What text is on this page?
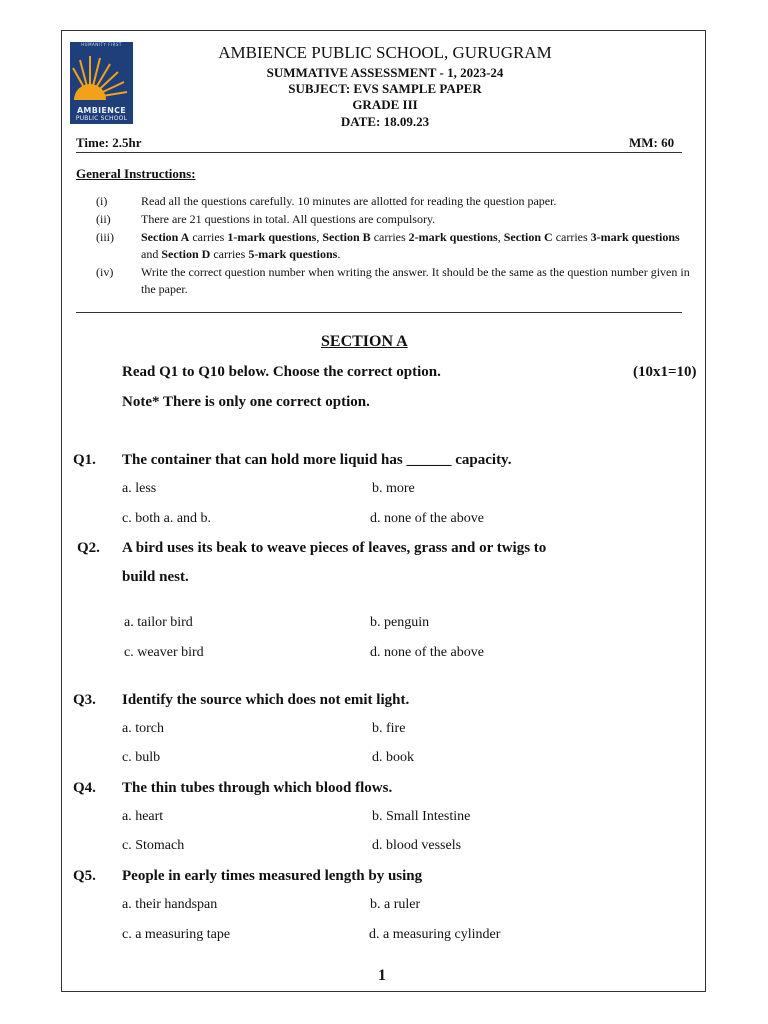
HUMANITY FIRST
AMBIENCE
PUBLIC SCHOOL
AMBIENCE PUBLIC SCHOOL, GURUGRAM
SUMMATIVE ASSESSMENT - 1, 2023-24
SUBJECT: EVS SAMPLE PAPER
GRADE III
DATE: 18.09.23
Time: 2.5hr	MM: 60
General Instructions:
(i)	Read all the questions carefully. 10 minutes are allotted for reading the question paper.
(ii)	There are 21 questions in total. All questions are compulsory.
(iii) Section A carries 1-mark questions, Section B carries 2-mark questions, Section C carries 3-mark questions and Section D carries 5-mark questions.
(iv) Write the correct question number when writing the answer. It should be the same as the question number given in the paper.
SECTION A
Read Q1 to Q10 below. Choose the correct option.	(10x1=10)
Note* There is only one correct option.
Q1. The container that can hold more liquid has ______ capacity.
a. less	b. more
c. both a. and b.	d. none of the above
Q2. A bird uses its beak to weave pieces of leaves, grass and or twigs to
build nest.
a. tailor bird	b. penguin
c. weaver bird	d. none of the above
Q3. Identify the source which does not emit light.
a. torch	b. fire
c. bulb	d. book
Q4. The thin tubes through which blood flows.
a. heart	b. Small Intestine
c. Stomach	d. blood vessels
Q5. People in early times measured length by using
a. their handspan	b. a ruler
c. a measuring tape	d. a measuring cylinder
1
